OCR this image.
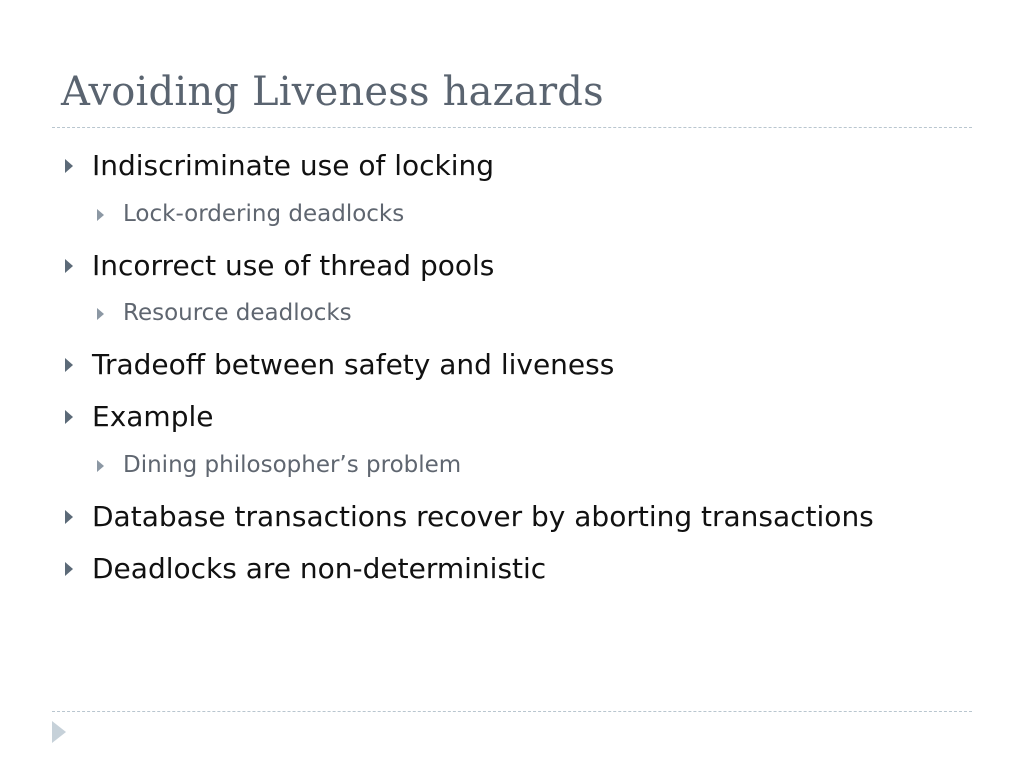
Avoiding Liveness hazards
Indiscriminate use of locking
Lock-ordering deadlocks
Incorrect use of thread pools
Resource deadlocks
Tradeoff between safety and liveness
Example
Dining philosopher’s problem
Database transactions recover by aborting transactions
Deadlocks are non-deterministic
